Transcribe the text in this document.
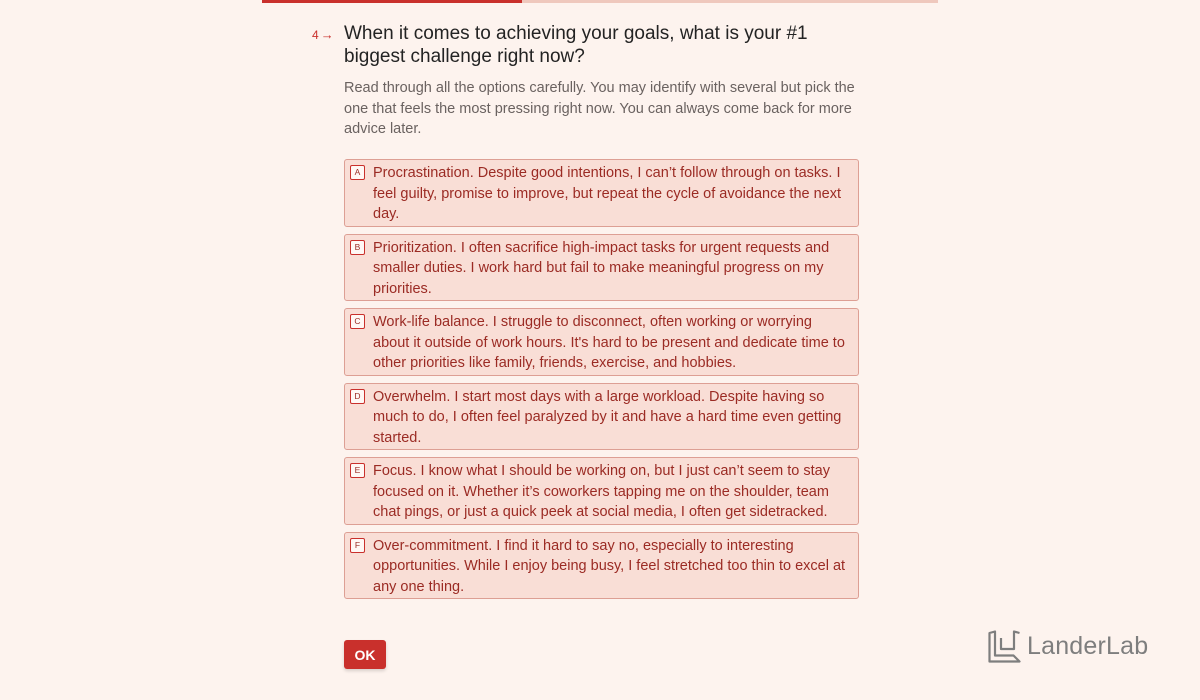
4 → When it comes to achieving your goals, what is your #1 biggest challenge right now?

Read through all the options carefully. You may identify with several but pick the one that feels the most pressing right now. You can always come back for more advice later.

A Procrastination. Despite good intentions, I can’t follow through on tasks. I feel guilty, promise to improve, but repeat the cycle of avoidance the next day.
B Prioritization. I often sacrifice high-impact tasks for urgent requests and smaller duties. I work hard but fail to make meaningful progress on my priorities.
C Work-life balance. I struggle to disconnect, often working or worrying about it outside of work hours. It's hard to be present and dedicate time to other priorities like family, friends, exercise, and hobbies.
D Overwhelm. I start most days with a large workload. Despite having so much to do, I often feel paralyzed by it and have a hard time even getting started.
E Focus. I know what I should be working on, but I just can’t seem to stay focused on it. Whether it’s coworkers tapping me on the shoulder, team chat pings, or just a quick peek at social media, I often get sidetracked.
F Over-commitment. I find it hard to say no, especially to interesting opportunities. While I enjoy being busy, I feel stretched too thin to excel at any one thing.
OK	LanderLab
